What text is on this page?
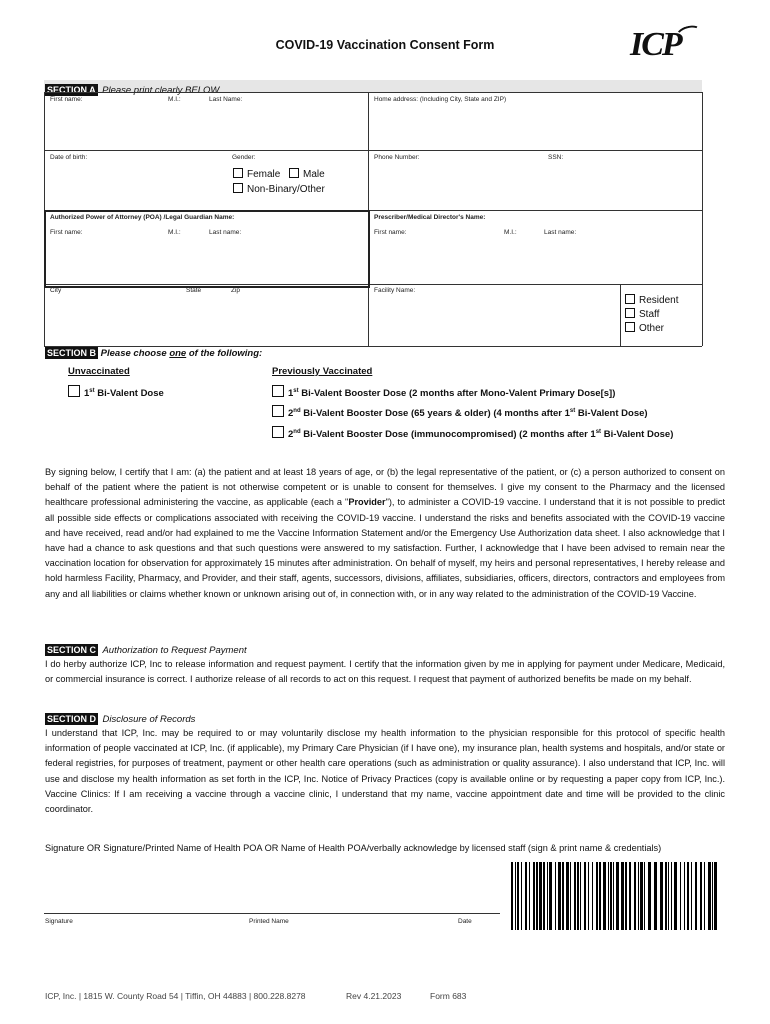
COVID-19 Vaccination Consent Form	ICP
SECTION A Please print clearly BELOW.
First name:	M.I.:	Last Name:	Home address: (Including City, State and ZIP)
Date of birth:	Gender:
Female	Male
Non-Binary/Other
Phone Number:	SSN:
Authorized Power of Attorney (POA) /Legal Guardian Name:
First name:	M.I.:	Last name:
Prescriber/Medical Director's Name:
First name:	M.I.:	Last name:
City	State	Zip	Facility Name:
Resident
Staff
Other
SECTION B Please choose one of the following:
Unvaccinated	Previously Vaccinated
1st Bi-Valent Dose	1st Bi-Valent Booster Dose (2 months after Mono-Valent Primary Dose[s])
2nd Bi-Valent Booster Dose (65 years & older) (4 months after 1st Bi-Valent Dose)
2nd Bi-Valent Booster Dose (immunocompromised) (2 months after 1st Bi-Valent Dose)
By signing below, I certify that I am: (a) the patient and at least 18 years of age, or (b) the legal representative of the patient, or (c) a person authorized to consent on behalf of the patient where the patient is not otherwise competent or is unable to consent for themselves. I give my consent to the Pharmacy and the licensed healthcare professional administering the vaccine, as applicable (each a "Provider"), to administer a COVID-19 vaccine. I understand that it is not possible to predict all possible side effects or complications associated with receiving the COVID-19 vaccine. I understand the risks and benefits associated with the COVID-19 vaccine and have received, read and/or had explained to me the Vaccine Information Statement and/or the Emergency Use Authorization data sheet. I also acknowledge that I have had a chance to ask questions and that such questions were answered to my satisfaction. Further, I acknowledge that I have been advised to remain near the vaccination location for observation for approximately 15 minutes after administration. On behalf of myself, my heirs and personal representatives, I hereby release and hold harmless Facility, Pharmacy, and Provider, and their staff, agents, successors, divisions, affiliates, subsidiaries, officers, directors, contractors and employees from any and all liabilities or claims whether known or unknown arising out of, in connection with, or in any way related to the administration of the COVID-19 Vaccine.
SECTION C Authorization to Request Payment
I do herby authorize ICP, Inc to release information and request payment. I certify that the information given by me in applying for payment under Medicare, Medicaid, or commercial insurance is correct. I authorize release of all records to act on this request. I request that payment of authorized benefits be made on my behalf.
SECTION D Disclosure of Records
I understand that ICP, Inc. may be required to or may voluntarily disclose my health information to the physician responsible for this protocol of specific health information of people vaccinated at ICP, Inc. (if applicable), my Primary Care Physician (if I have one), my insurance plan, health systems and hospitals, and/or state or federal registries, for purposes of treatment, payment or other health care operations (such as administration or quality assurance). I also understand that ICP, Inc. will use and disclose my health information as set forth in the ICP, Inc. Notice of Privacy Practices (copy is available online or by requesting a paper copy from ICP, Inc.). Vaccine Clinics: If I am receiving a vaccine through a vaccine clinic, I understand that my name, vaccine appointment date and time will be provided to the clinic coordinator.
Signature OR Signature/Printed Name of Health POA OR Name of Health POA/verbally acknowledge by licensed staff (sign & print name & credentials)
Signature	Printed Name	Date
ICP, Inc. | 1815 W. County Road 54 | Tiffin, OH 44883 | 800.228.8278	Rev 4.21.2023	Form 683
